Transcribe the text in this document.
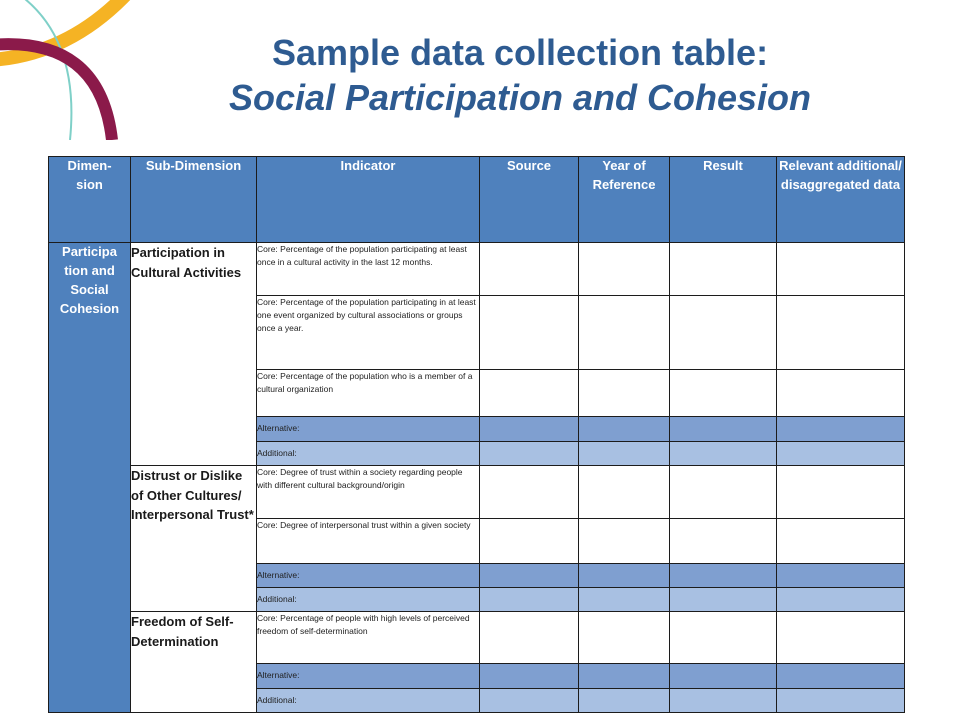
Sample data collection table:
Social Participation and Cohesion
Dimen-
sion	Sub-Dimension	Indicator	Source	Year of Reference	Result	Relevant additional/ disaggregated data
Participa
tion and
Social
Cohesion	Participation in Cultural Activities	Core: Percentage of the population participating at least once in a cultural activity in the last 12 months.				
		Core: Percentage of the population participating in at least one event organized by cultural associations or groups once a year.				
		Core: Percentage of the population who is a member of a cultural organization				
		Alternative:				
		Additional:				
	Distrust or Dislike of Other Cultures/ Interpersonal Trust*	Core: Degree of trust within a society regarding people with different cultural background/origin				
		Core: Degree of interpersonal trust within a given society				
		Alternative:				
		Additional:				
	Freedom of Self-Determination	Core: Percentage of people with high levels of perceived freedom of self-determination				
		Alternative:				
		Additional:				
